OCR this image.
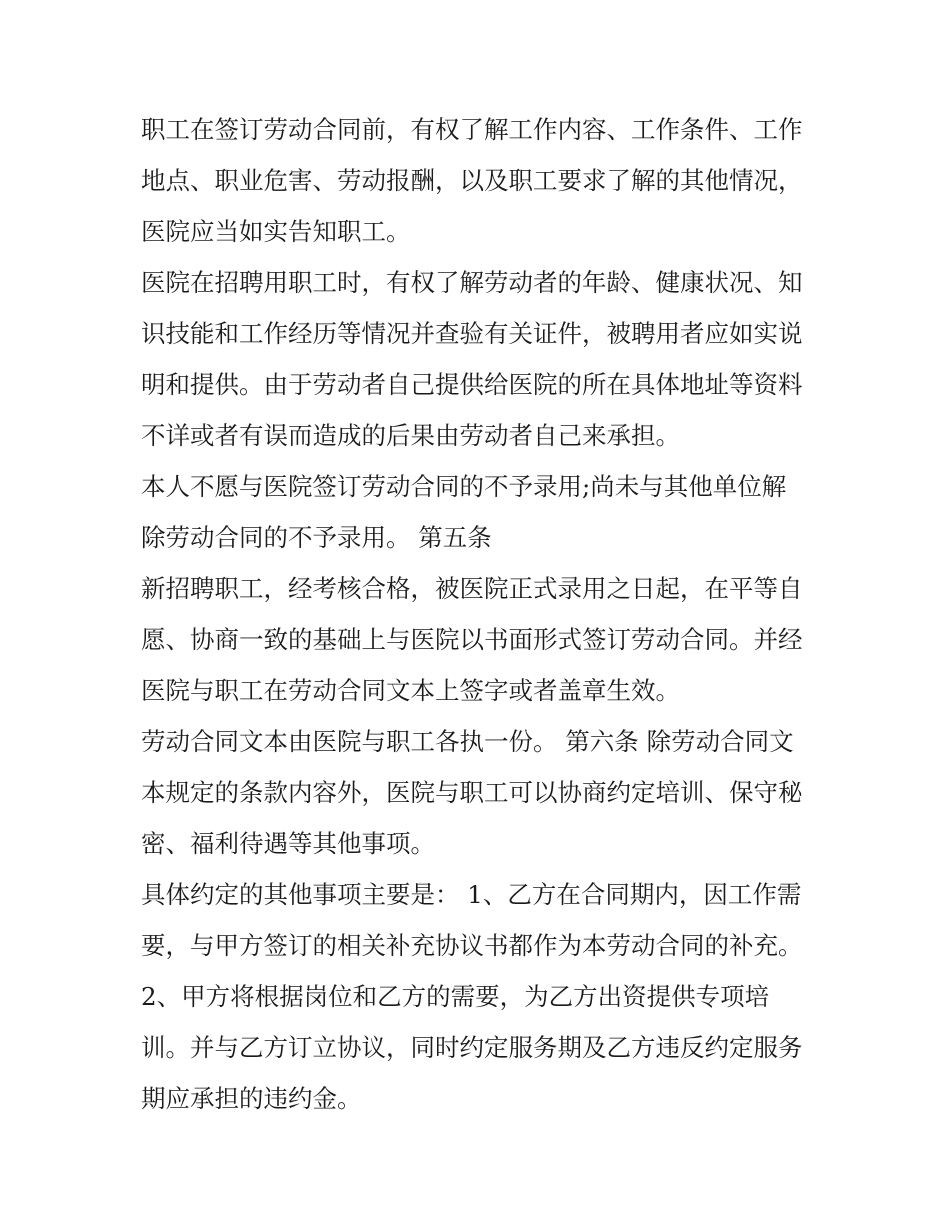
职工在签订劳动合同前，有权了解工作内容、工作条件、工作
地点、职业危害、劳动报酬，以及职工要求了解的其他情况，
医院应当如实告知职工。
医院在招聘用职工时，有权了解劳动者的年龄、健康状况、知
识技能和工作经历等情况并查验有关证件，被聘用者应如实说
明和提供。由于劳动者自己提供给医院的所在具体地址等资料
不详或者有误而造成的后果由劳动者自己来承担。
本人不愿与医院签订劳动合同的不予录用;尚未与其他单位解
除劳动合同的不予录用。 第五条
新招聘职工，经考核合格，被医院正式录用之日起，在平等自
愿、协商一致的基础上与医院以书面形式签订劳动合同。并经
医院与职工在劳动合同文本上签字或者盖章生效。
劳动合同文本由医院与职工各执一份。 第六条 除劳动合同文
本规定的条款内容外，医院与职工可以协商约定培训、保守秘
密、福利待遇等其他事项。
具体约定的其他事项主要是： 1、乙方在合同期内，因工作需
要，与甲方签订的相关补充协议书都作为本劳动合同的补充。
2、甲方将根据岗位和乙方的需要，为乙方出资提供专项培
训。并与乙方订立协议，同时约定服务期及乙方违反约定服务
期应承担的违约金。
